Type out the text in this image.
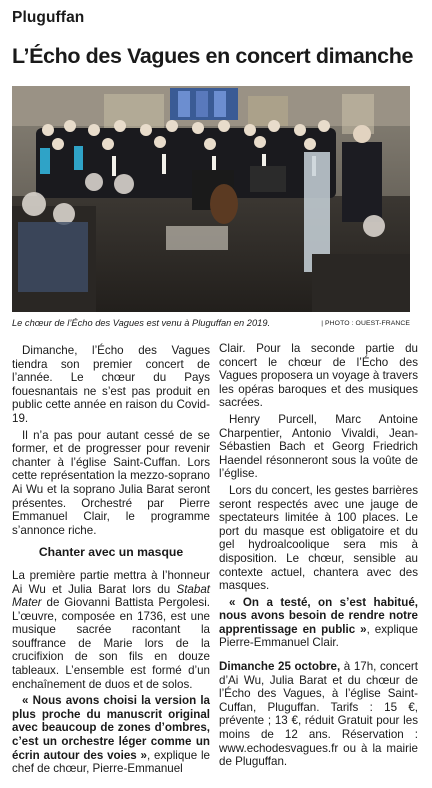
Pluguffan
L’Écho des Vagues en concert dimanche
Le chœur de l’Écho des Vagues est venu à Pluguffan en 2019.	| PHOTO : OUEST-FRANCE

Dimanche, l’Écho des Vagues tiendra son premier concert de l’année. Le chœur du Pays fouesnantais ne s’est pas produit en public cette année en raison du Covid-19.

Il n’a pas pour autant cessé de se former, et de progresser pour revenir chanter à l’église Saint-Cuffan. Lors cette représentation la mezzo-soprano Ai Wu et la soprano Julia Barat seront présentes. Orchestré par Pierre Emmanuel Clair, le programme s’annonce riche.

Chanter avec un masque

La première partie mettra à l’honneur Ai Wu et Julia Barat lors du Stabat Mater de Giovanni Battista Pergolesi. L’œuvre, composée en 1736, est une musique sacrée racontant la souffrance de Marie lors de la crucifixion de son fils en douze tableaux. L’ensemble est formé d’un enchaînement de duos et de solos.

« Nous avons choisi la version la plus proche du manuscrit original avec beaucoup de zones d’ombres, c’est un orchestre léger comme un écrin autour des voies », explique le chef de chœur, Pierre-Emmanuel

Clair. Pour la seconde partie du concert le chœur de l’Écho des Vagues proposera un voyage à travers les opéras baroques et des musiques sacrées.

Henry Purcell, Marc Antoine Charpentier, Antonio Vivaldi, Jean-Sébastien Bach et Georg Friedrich Haendel résonneront sous la voûte de l’église.

Lors du concert, les gestes barrières seront respectés avec une jauge de spectateurs limitée à 100 places. Le port du masque est obligatoire et du gel hydroalcoolique sera mis à disposition. Le chœur, sensible au contexte actuel, chantera avec des masques.

« On a testé, on s’est habitué, nous avons besoin de rendre notre apprentissage en public », explique Pierre-Emmanuel Clair.

Dimanche 25 octobre, à 17h, concert d’Ai Wu, Julia Barat et du chœur de l’Écho des Vagues, à l’église Saint-Cuffan, Pluguffan. Tarifs : 15 €, prévente ; 13 €, réduit Gratuit pour les moins de 12 ans. Réservation : www.echodesvagues.fr ou à la mairie de Pluguffan.
